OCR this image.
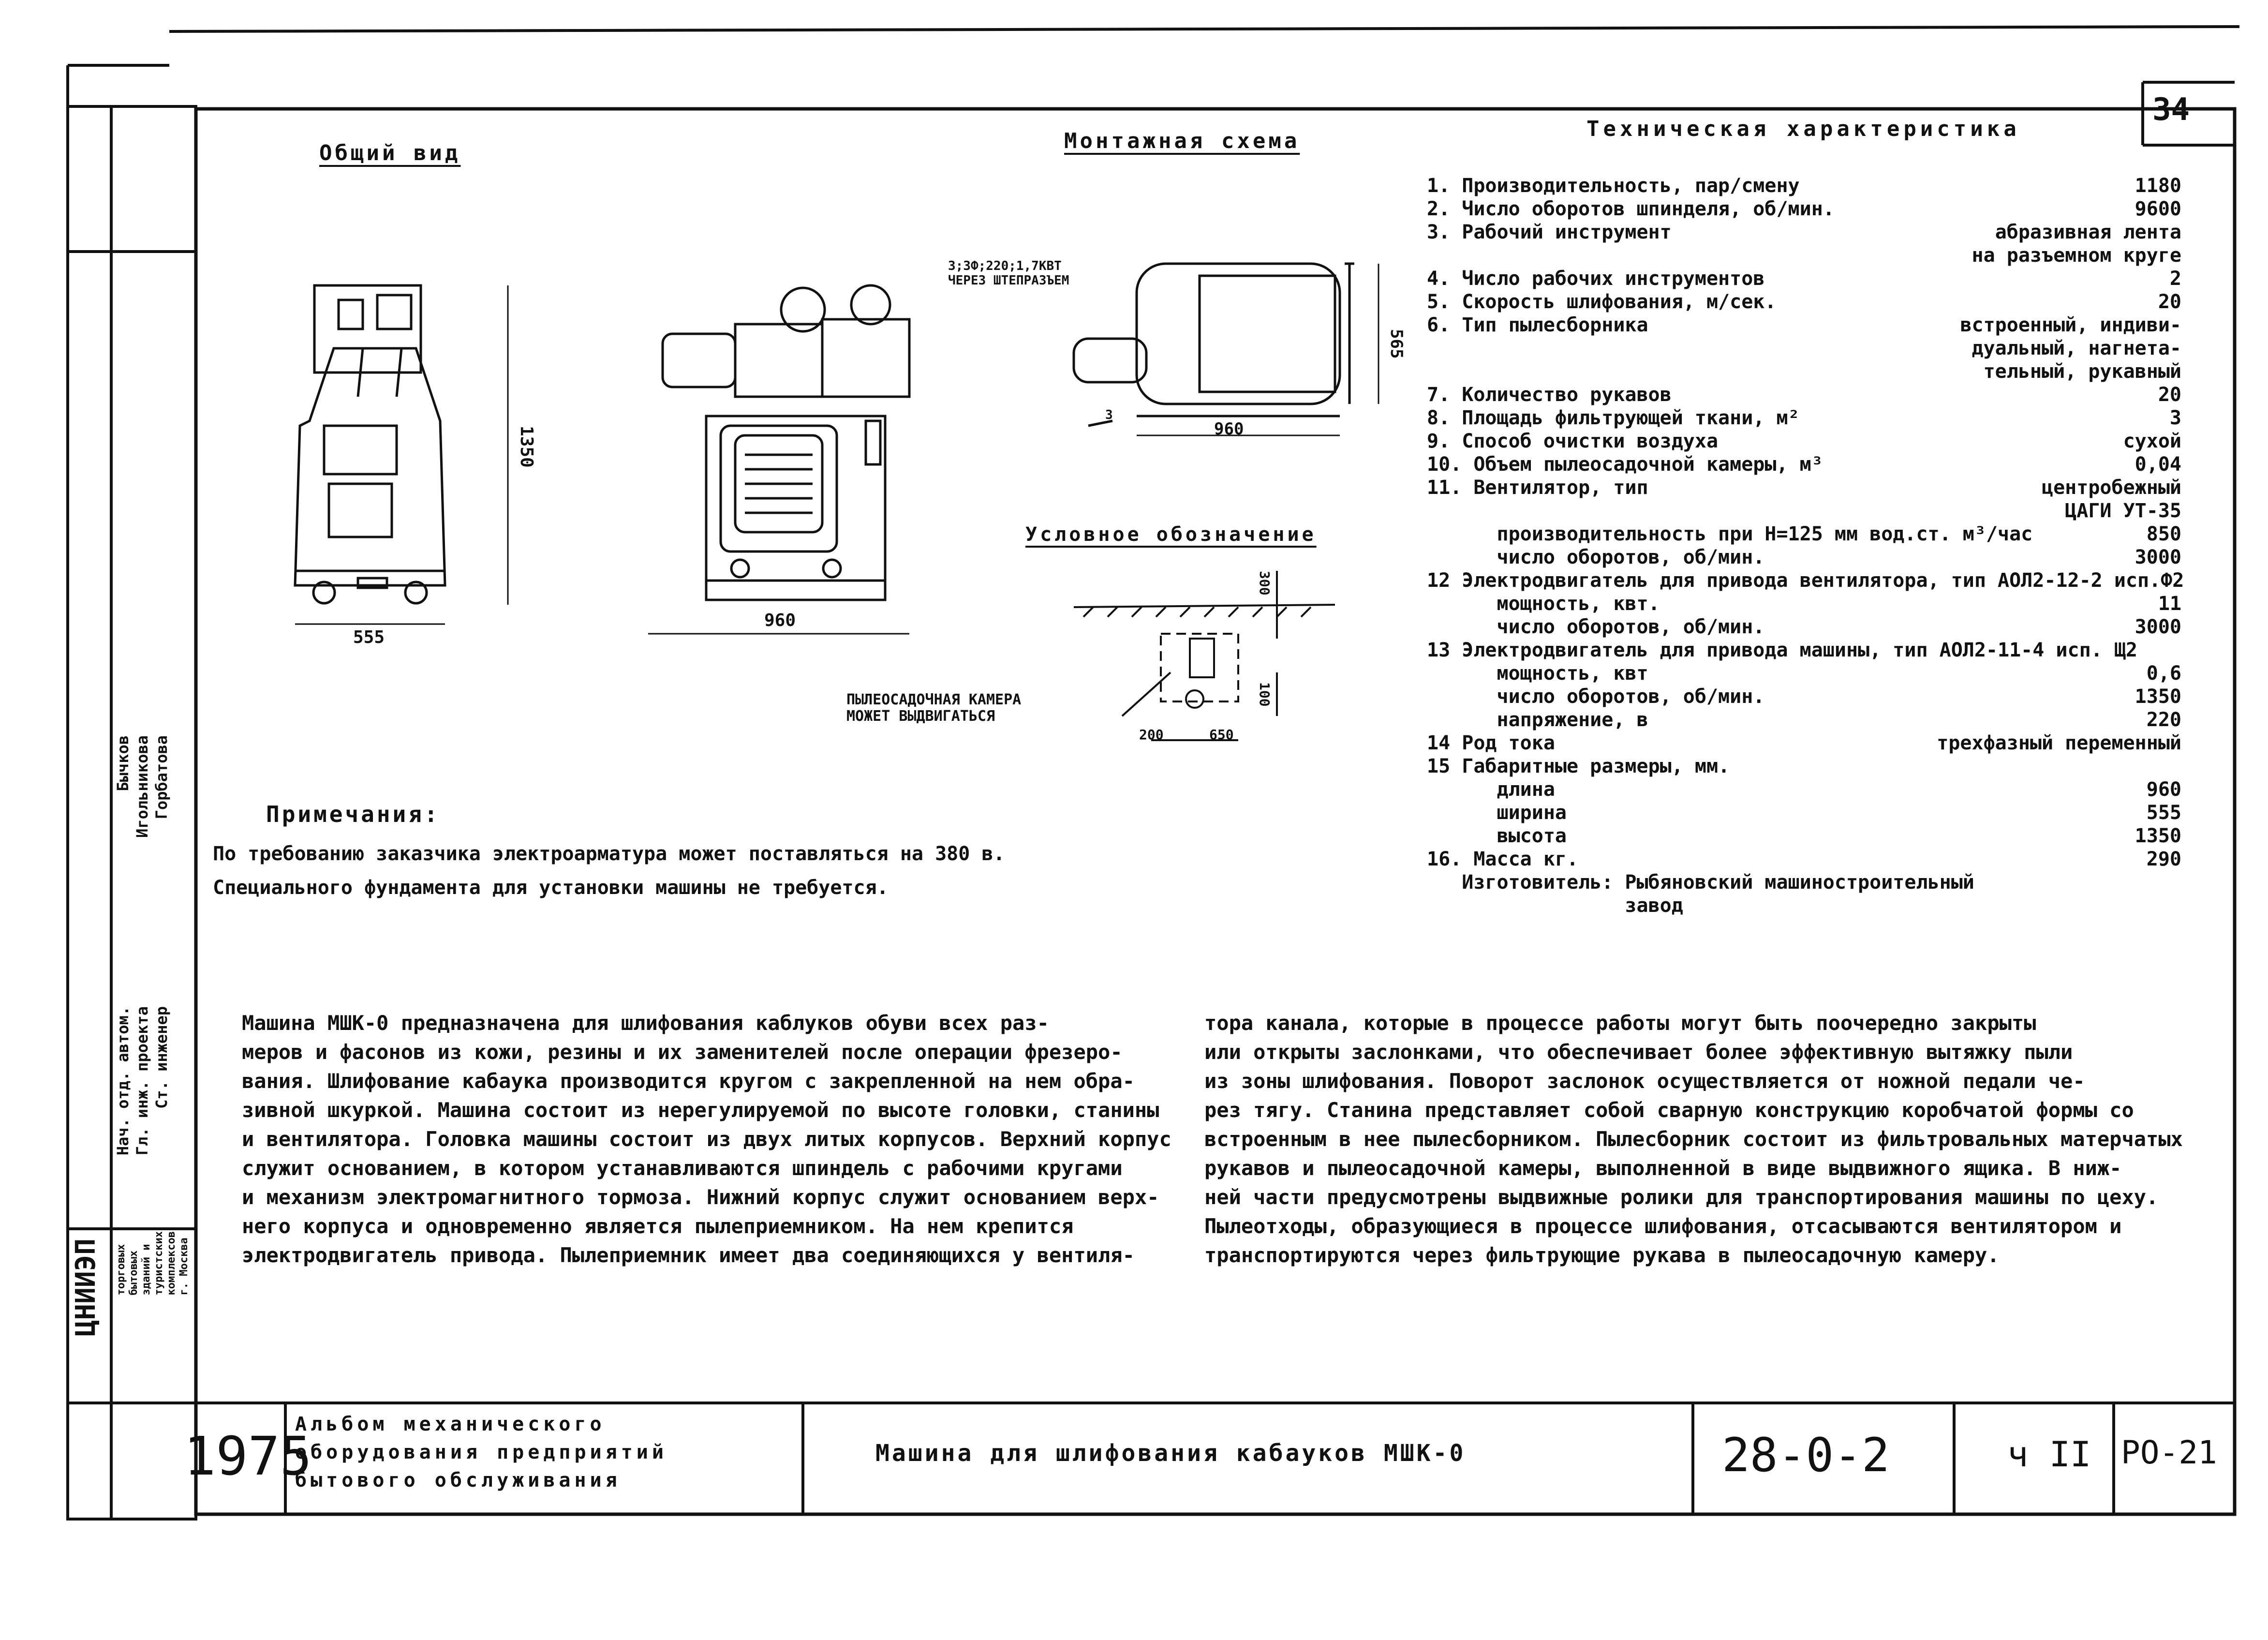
34
Общий вид	Монтажная схема
Условное обозначение
1350
555
960
960
565
300
100
200	650
3;3Ф;220;1,7КВТ
ЧЕРЕЗ ШТЕПРАЗЪЕМ
3
ПЫЛЕОСАДОЧНАЯ КАМЕРА
МОЖЕТ ВЫДВИГАТЬСЯ
Примечания:
По требованию заказчика электроарматура может поставляться на 380 в.
Специального фундамента для установки машины не требуется.
Техническая характеристика
1. Производительность, пар/смену	1180
2. Число оборотов шпинделя, об/мин.	9600
3. Рабочий инструмент	абразивная лента
на разъемном круге
4. Число рабочих инструментов	2
5. Скорость шлифования, м/сек.	20
6. Тип пылесборника	встроенный, индиви-
дуальный, нагнета-
тельный, рукавный
7. Количество рукавов	20
8. Площадь фильтрующей ткани, м²	3
9. Способ очистки воздуха	сухой
10. Объем пылеосадочной камеры, м³	0,04
11. Вентилятор, тип	центробежный
ЦАГИ УТ-35
производительность при H=125 мм вод.ст. м³/час	850
число оборотов, об/мин.	3000
12 Электродвигатель для привода вентилятора, тип АОЛ2-12-2 исп.Ф2
мощность, квт.	11
число оборотов, об/мин.	3000
13 Электродвигатель для привода машины, тип АОЛ2-11-4 исп. Щ2
мощность, квт	0,6
число оборотов, об/мин.	1350
напряжение, в	220
14 Род тока	трехфазный переменный
15 Габаритные размеры, мм.
длина	960
ширина	555
высота	1350
16. Масса кг.	290
Изготовитель: Рыбяновский машиностроительный
завод
Машина МШК-0 предназначена для шлифования каблуков обуви всех раз-
меров и фасонов из кожи, резины и их заменителей после операции фрезеро-
вания. Шлифование кабаука производится кругом с закрепленной на нем обра-
зивной шкуркой. Машина состоит из нерегулируемой по высоте головки, станины
и вентилятора. Головка машины состоит из двух литых корпусов. Верхний корпус
служит основанием, в котором устанавливаются шпиндель с рабочими кругами
и механизм электромагнитного тормоза. Нижний корпус служит основанием верх-
него корпуса и одновременно является пылеприемником. На нем крепится
электродвигатель привода. Пылеприемник имеет два соединяющихся у вентиля-
тора канала, которые в процессе работы могут быть поочередно закрыты
или открыты заслонками, что обеспечивает более эффективную вытяжку пыли
из зоны шлифования. Поворот заслонок осуществляется от ножной педали че-
рез тягу. Станина представляет собой сварную конструкцию коробчатой формы со
встроенным в нее пылесборником. Пылесборник состоит из фильтровальных матерчатых
рукавов и пылеосадочной камеры, выполненной в виде выдвижного ящика. В ниж-
ней части предусмотрены выдвижные ролики для транспортирования машины по цеху.
Пылеотходы, образующиеся в процессе шлифования, отсасываются вентилятором и
транспортируются через фильтрующие рукава в пылеосадочную камеру.
ЦНИИЭП торговых
бытовых
зданий и
туристских
комплексов
г. Москва
Нач. отд. автом.
Бычков
Гл. инж. проекта
Игольникова
Ст. инженер
Горбатова
1975
Альбом механического
оборудования предприятий
бытового обслуживания
Машина для шлифования кабауков МШК-0	28-0-2	ч II РО-21
